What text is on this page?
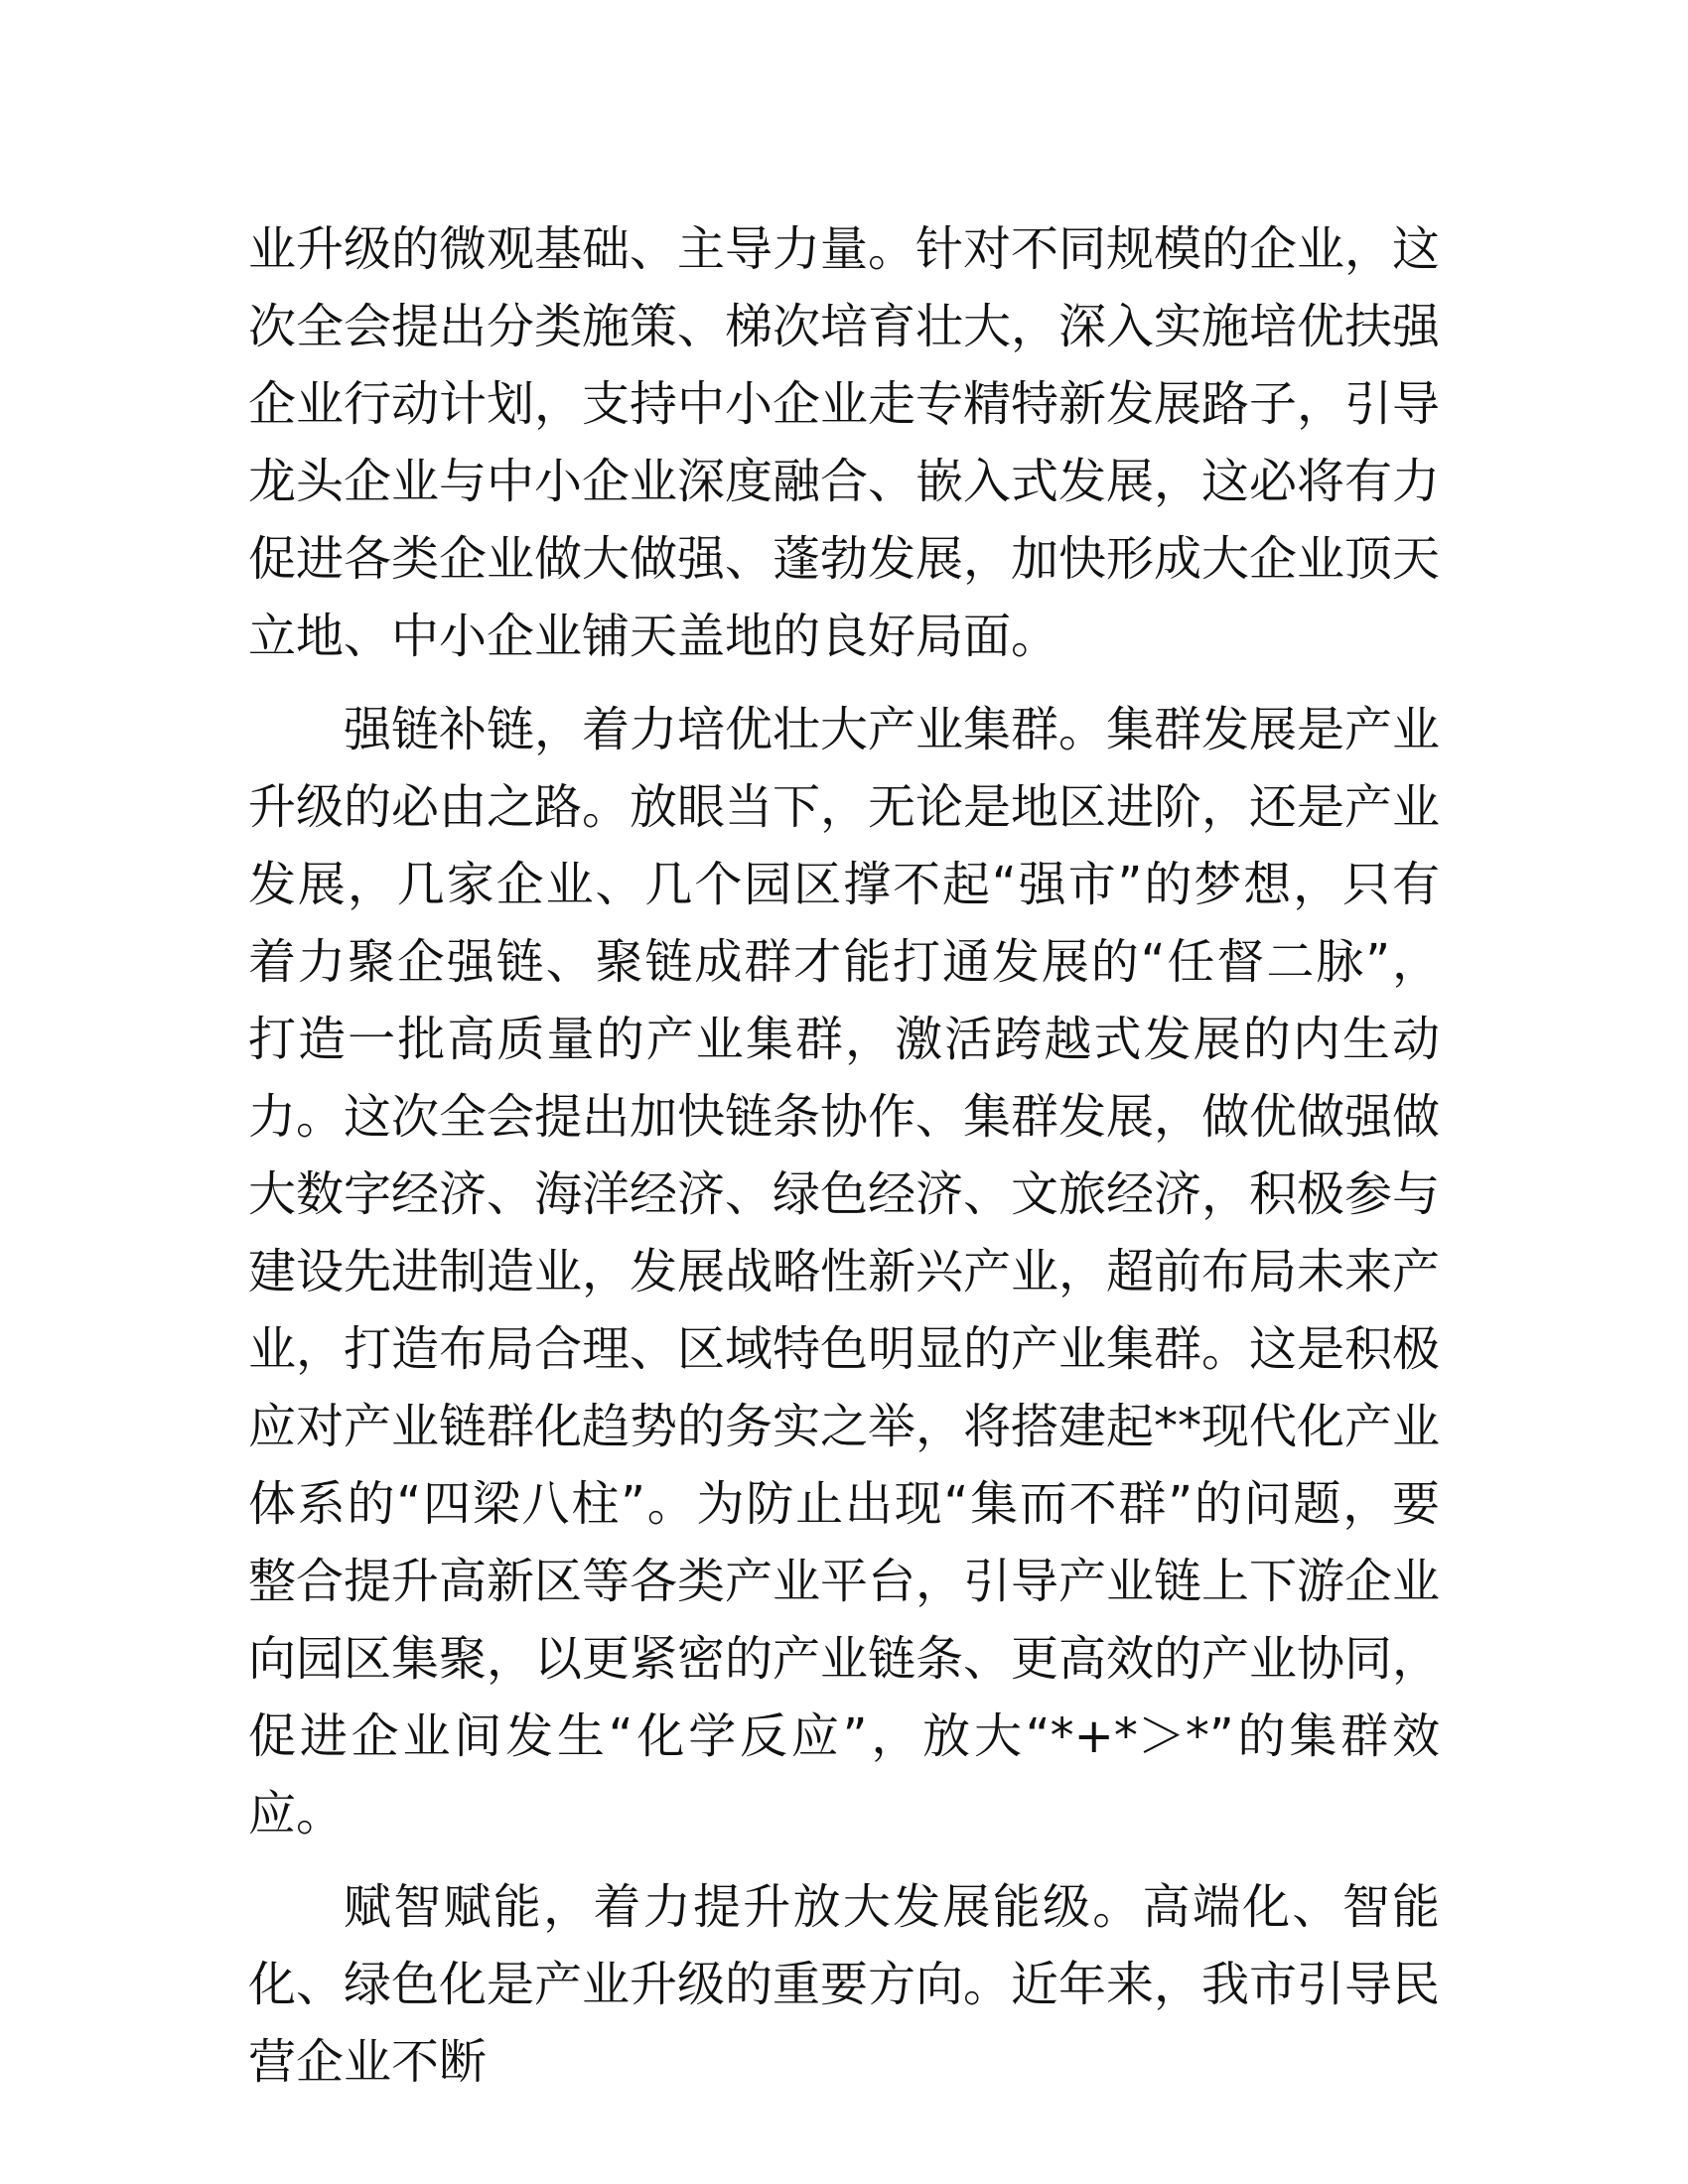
业升级的微观基础、主导力量。针对不同规模的企业，这次全会提出分类施策、梯次培育壮大，深入实施培优扶强企业行动计划，支持中小企业走专精特新发展路子，引导龙头企业与中小企业深度融合、嵌入式发展，这必将有力促进各类企业做大做强、蓬勃发展，加快形成大企业顶天立地、中小企业铺天盖地的良好局面。

强链补链，着力培优壮大产业集群。集群发展是产业升级的必由之路。放眼当下，无论是地区进阶，还是产业发展，几家企业、几个园区撑不起“强市”的梦想，只有着力聚企强链、聚链成群才能打通发展的“任督二脉”，打造一批高质量的产业集群，激活跨越式发展的内生动力。这次全会提出加快链条协作、集群发展，做优做强做大数字经济、海洋经济、绿色经济、文旅经济，积极参与建设先进制造业，发展战略性新兴产业，超前布局未来产业，打造布局合理、区域特色明显的产业集群。这是积极应对产业链群化趋势的务实之举，将搭建起**现代化产业体系的“四梁八柱”。为防止出现“集而不群”的问题，要整合提升高新区等各类产业平台，引导产业链上下游企业向园区集聚，以更紧密的产业链条、更高效的产业协同，促进企业间发生“化学反应”，放大“*+*＞*”的集群效应。

赋智赋能，着力提升放大发展能级。高端化、智能化、绿色化是产业升级的重要方向。近年来，我市引导民营企业不断
